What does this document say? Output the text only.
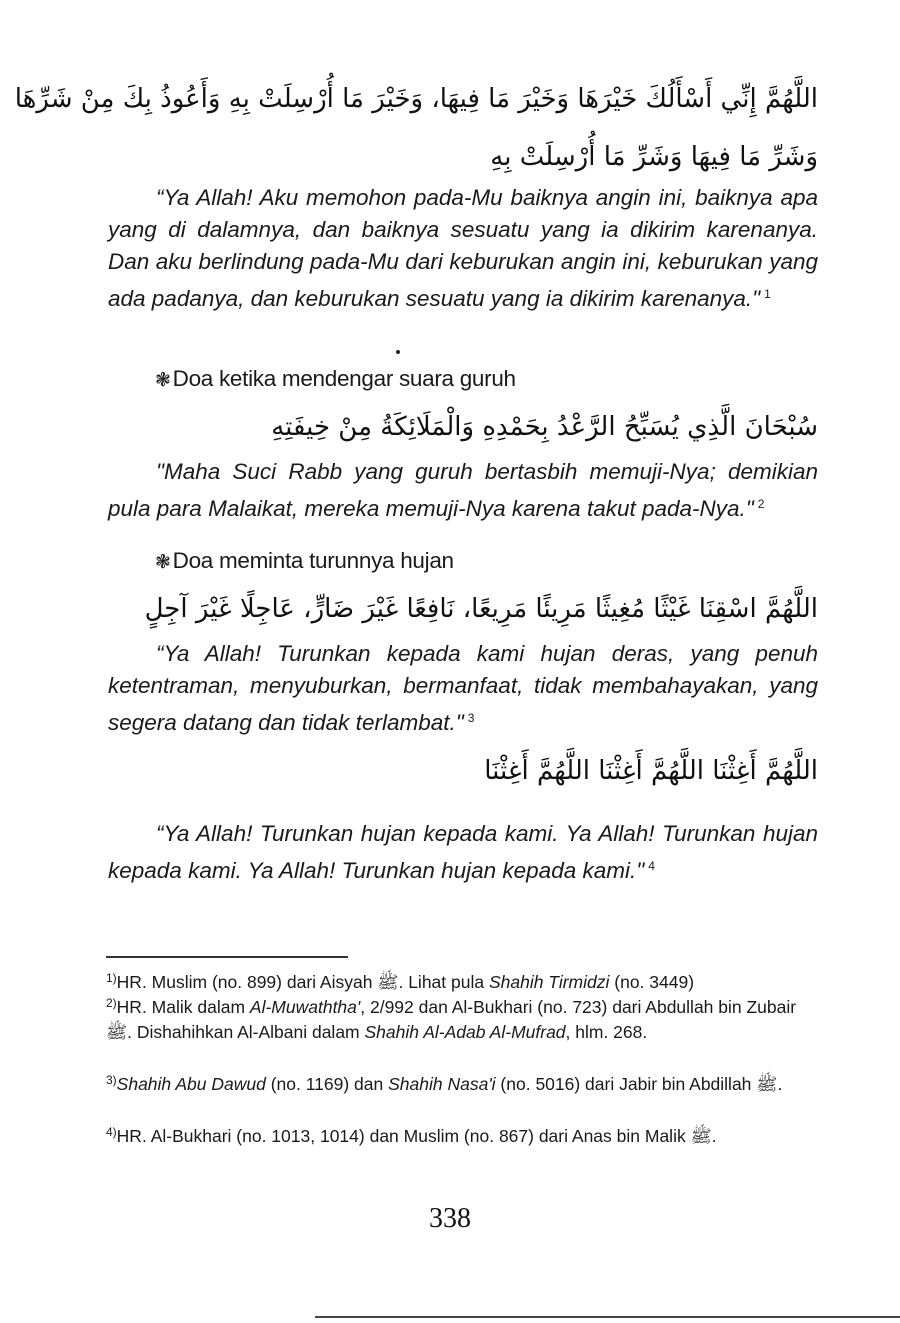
اللَّهُمَّ إِنِّي أَسْأَلُكَ خَيْرَهَا وَخَيْرَ مَا فِيهَا، وَخَيْرَ مَا أُرْسِلَتْ بِهِ وَأَعُوذُ بِكَ مِنْ شَرِّهَا
وَشَرِّ مَا فِيهَا وَشَرِّ مَا أُرْسِلَتْ بِهِ
“Ya Allah! Aku memohon pada-Mu baiknya angin ini, baiknya apa yang di dalamnya, dan baiknya sesuatu yang ia dikirim karenanya. Dan aku berlindung pada-Mu dari keburukan angin ini, keburukan yang ada padanya, dan keburukan sesuatu yang ia dikirim karenanya." $^1$
❃Doa ketika mendengar suara guruh
سُبْحَانَ الَّذِي يُسَبِّحُ الرَّعْدُ بِحَمْدِهِ وَالْمَلَائِكَةُ مِنْ خِيفَتِهِ
"Maha Suci Rabb yang guruh bertasbih memuji-Nya; demikian pula para Malaikat, mereka memuji-Nya karena takut pada-Nya." $^2$
❃Doa meminta turunnya hujan
اللَّهُمَّ اسْقِنَا غَيْثًا مُغِيثًا مَرِيئًا مَرِيعًا، نَافِعًا غَيْرَ ضَارٍّ، عَاجِلًا غَيْرَ آجِلٍ
“Ya Allah! Turunkan kepada kami hujan deras, yang penuh ketentraman, menyuburkan, bermanfaat, tidak membahayakan, yang segera datang dan tidak terlambat." $^3$
اللَّهُمَّ أَغِثْنَا اللَّهُمَّ أَغِثْنَا اللَّهُمَّ أَغِثْنَا
“Ya Allah! Turunkan hujan kepada kami. Ya Allah! Turunkan hujan kepada kami. Ya Allah! Turunkan hujan kepada kami." $^4$
$^{1)}$HR. Muslim (no. 899) dari Aisyah ﷺ. Lihat pula Shahih Tirmidzi (no. 3449)
$^{2)}$HR. Malik dalam Al-Muwaththa', 2/992 dan Al-Bukhari (no. 723) dari Abdullah bin Zubair ﷺ. Dishahihkan Al-Albani dalam Shahih Al-Adab Al-Mufrad, hlm. 268.
$^{3)}$Shahih Abu Dawud (no. 1169) dan Shahih Nasa'i (no. 5016) dari Jabir bin Abdillah ﷺ.
$^{4)}$HR. Al-Bukhari (no. 1013, 1014) dan Muslim (no. 867) dari Anas bin Malik ﷺ.
338
